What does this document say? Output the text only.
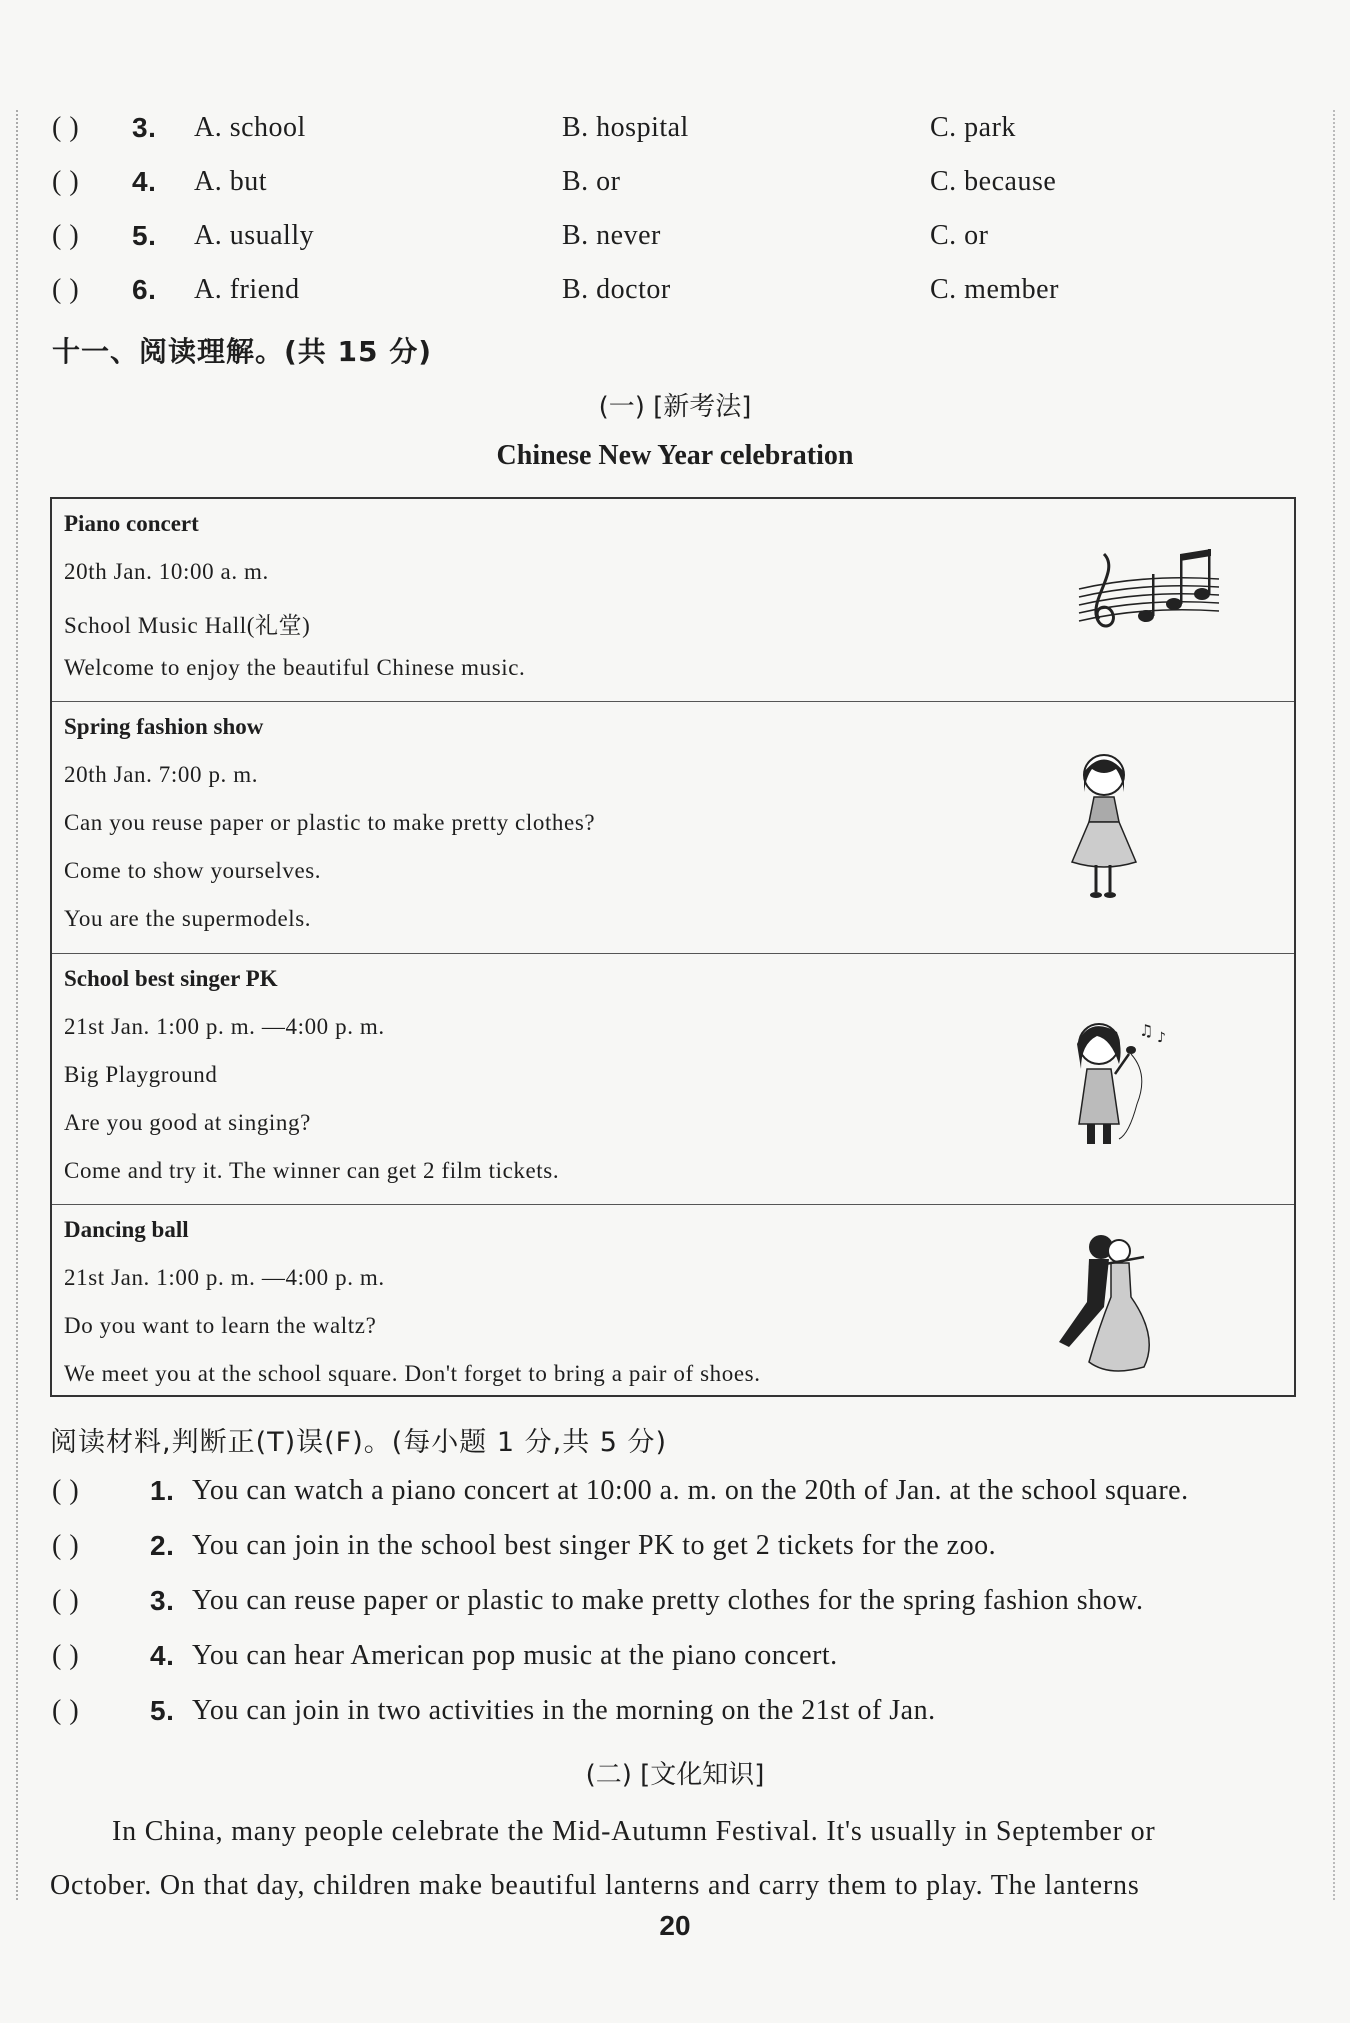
( ) 3. A. school	B. hospital	C. park
( ) 4. A. but	B. or	C. because
( ) 5. A. usually	B. never	C. or
( ) 6. A. friend	B. doctor	C. member
十一、阅读理解。(共 15 分)
(一) [新考法]
Chinese New Year celebration
Piano concert
20th Jan. 10:00 a. m.
School Music Hall(礼堂)
Welcome to enjoy the beautiful Chinese music.
Spring fashion show
20th Jan. 7:00 p. m.
Can you reuse paper or plastic to make pretty clothes?
Come to show yourselves.
You are the supermodels.
School best singer PK
21st Jan. 1:00 p. m. —4:00 p. m.
Big Playground
Are you good at singing?
Come and try it. The winner can get 2 film tickets.
♫ ♪
Dancing ball
21st Jan. 1:00 p. m. —4:00 p. m.
Do you want to learn the waltz?
We meet you at the school square. Don't forget to bring a pair of shoes.
阅读材料,判断正(T)误(F)。(每小题 1 分,共 5 分)
( )	1. You can watch a piano concert at 10:00 a. m. on the 20th of Jan. at the school square.
( )	2. You can join in the school best singer PK to get 2 tickets for the zoo.
( )	3. You can reuse paper or plastic to make pretty clothes for the spring fashion show.
( )	4. You can hear American pop music at the piano concert.
( )	5. You can join in two activities in the morning on the 21st of Jan.
(二) [文化知识]
In China, many people celebrate the Mid-Autumn Festival. It's usually in September or
October. On that day, children make beautiful lanterns and carry them to play. The lanterns
20
